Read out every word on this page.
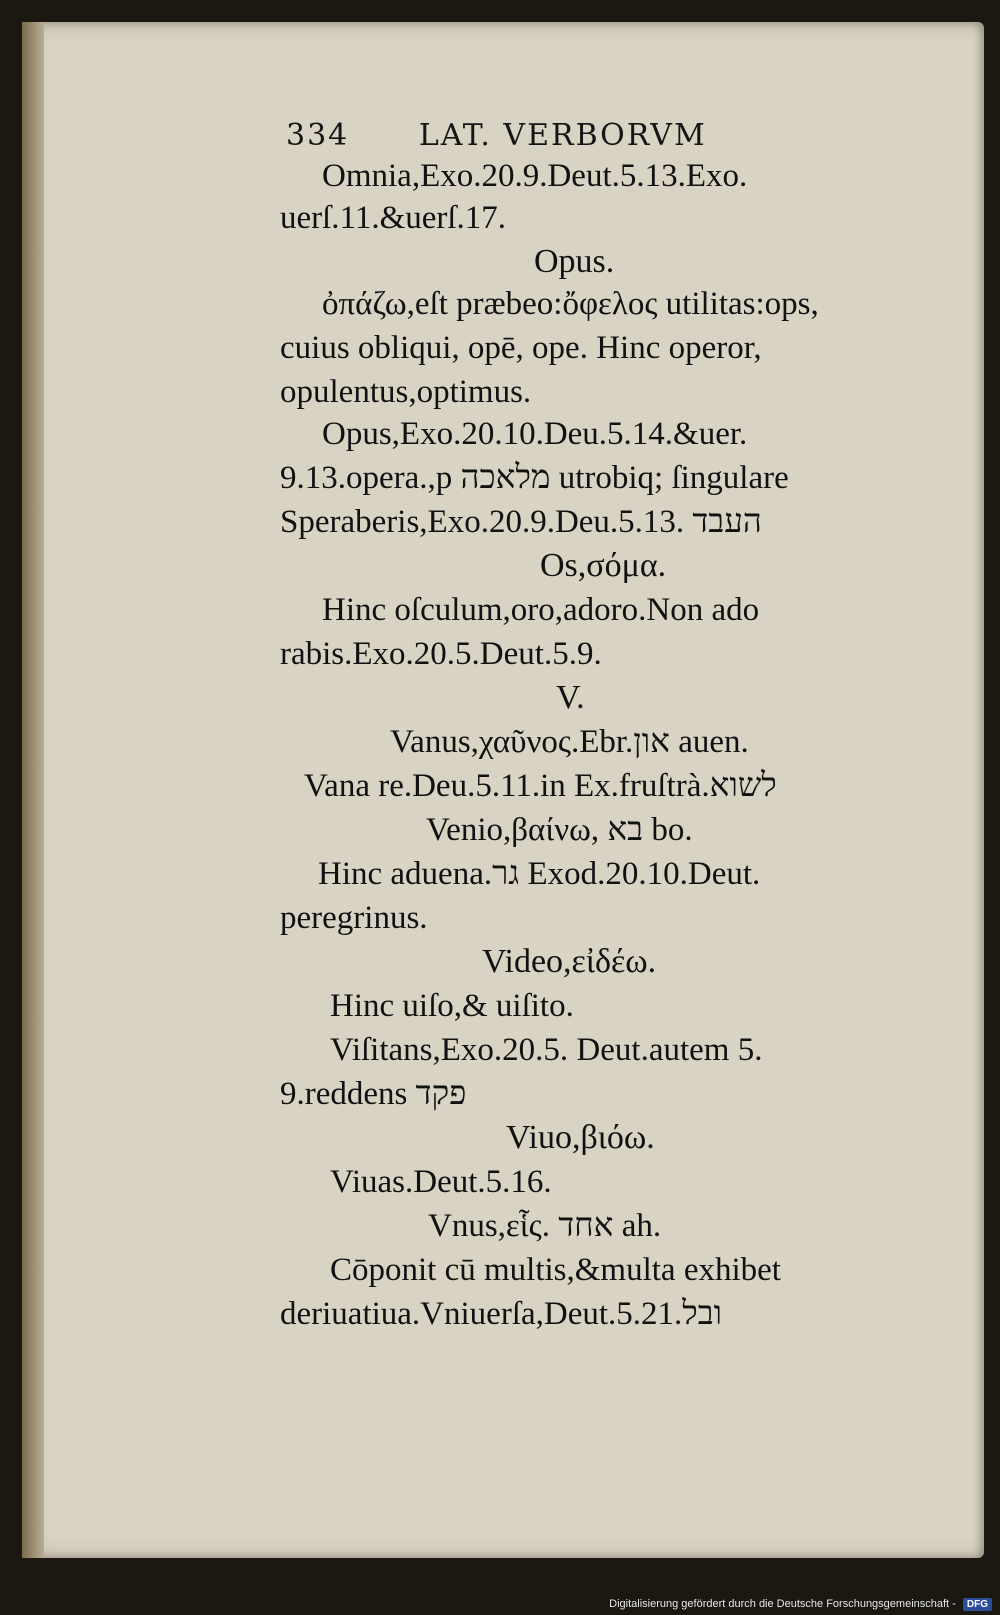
334 LAT. VERBORVM
Omnia,Exo.20.9.Deut.5.13.Exo.
uerſ.11.&uerſ.17.
Opus.
ὀπάζω,eſt præbeo:ὄφελος utilitas:ops,
cuius obliqui, opē, ope. Hinc operor,
opulentus,optimus.
Opus,Exo.20.10.Deu.5.14.&uer.
9.13.opera.,p מלאכה utrobiq; ſingulare
Speraberis,Exo.20.9.Deu.5.13. העבד
Os,σόμα.
Hinc oſculum,oro,adoro.Non ado
rabis.Exo.20.5.Deut.5.9.
V.
Vanus,χαῦνος.Ebr.און auen.
Vana re.Deu.5.11.in Ex.fruſtrà.לשוא
Venio,βαίνω, בא bo.
Hinc aduena.גר Exod.20.10.Deut.
peregrinus.
Video,εἰδέω.
Hinc uiſo,& uiſito.
Viſitans,Exo.20.5. Deut.autem 5.
9.reddens פקד
Viuo,βιόω.
Viuas.Deut.5.16.
Vnus,εἷς. אחד ah.
Cōponit cū multis,&multa exhibet
deriuatiua.Vniuerſa,Deut.5.21.ובל
Digitalisierung gefördert durch die Deutsche Forschungsgemeinschaft - DFG
